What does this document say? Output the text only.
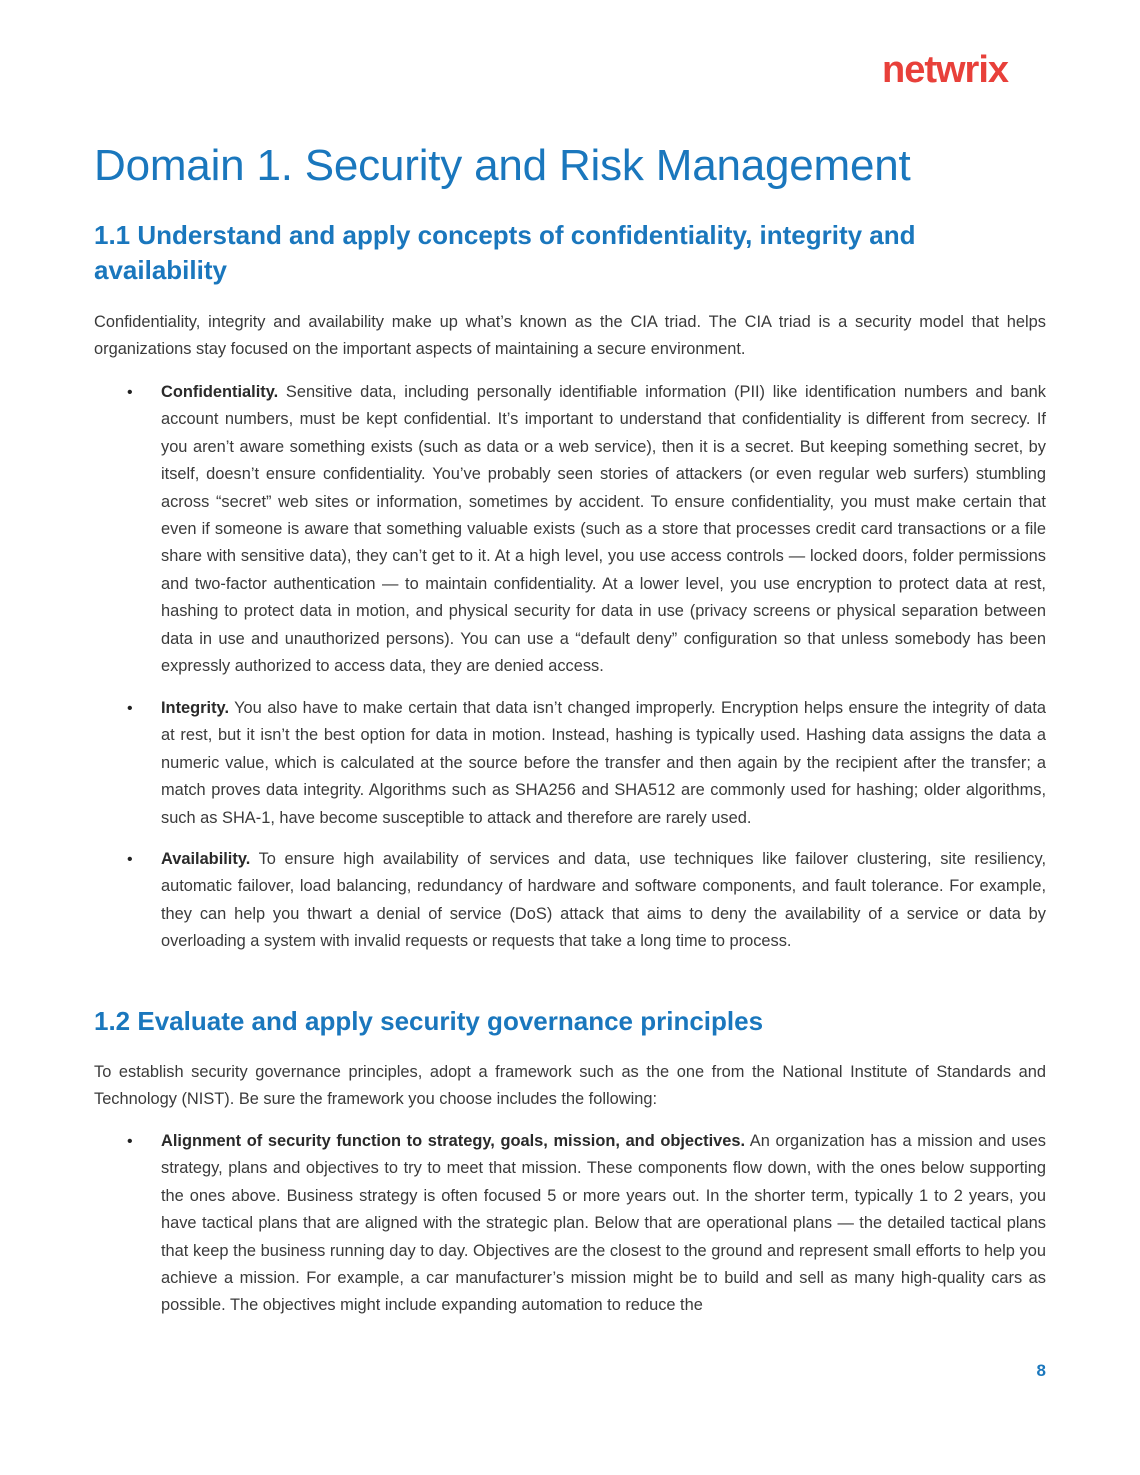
netwrix
Domain 1. Security and Risk Management
1.1 Understand and apply concepts of confidentiality, integrity and availability

Confidentiality, integrity and availability make up what’s known as the CIA triad. The CIA triad is a security model that helps organizations stay focused on the important aspects of maintaining a secure environment.

• Confidentiality. Sensitive data, including personally identifiable information (PII) like identification numbers and bank account numbers, must be kept confidential. It’s important to understand that confidentiality is different from secrecy. If you aren’t aware something exists (such as data or a web service), then it is a secret. But keeping something secret, by itself, doesn’t ensure confidentiality. You’ve probably seen stories of attackers (or even regular web surfers) stumbling across “secret” web sites or information, sometimes by accident. To ensure confidentiality, you must make certain that even if someone is aware that something valuable exists (such as a store that processes credit card transactions or a file share with sensitive data), they can’t get to it. At a high level, you use access controls — locked doors, folder permissions and two-factor authentication — to maintain confidentiality. At a lower level, you use encryption to protect data at rest, hashing to protect data in motion, and physical security for data in use (privacy screens or physical separation between data in use and unauthorized persons). You can use a “default deny” configuration so that unless somebody has been expressly authorized to access data, they are denied access.
• Integrity. You also have to make certain that data isn’t changed improperly. Encryption helps ensure the integrity of data at rest, but it isn’t the best option for data in motion. Instead, hashing is typically used. Hashing data assigns the data a numeric value, which is calculated at the source before the transfer and then again by the recipient after the transfer; a match proves data integrity. Algorithms such as SHA256 and SHA512 are commonly used for hashing; older algorithms, such as SHA-1, have become susceptible to attack and therefore are rarely used.
• Availability. To ensure high availability of services and data, use techniques like failover clustering, site resiliency, automatic failover, load balancing, redundancy of hardware and software components, and fault tolerance. For example, they can help you thwart a denial of service (DoS) attack that aims to deny the availability of a service or data by overloading a system with invalid requests or requests that take a long time to process.
1.2 Evaluate and apply security governance principles

To establish security governance principles, adopt a framework such as the one from the National Institute of Standards and Technology (NIST). Be sure the framework you choose includes the following:

• Alignment of security function to strategy, goals, mission, and objectives. An organization has a mission and uses strategy, plans and objectives to try to meet that mission. These components flow down, with the ones below supporting the ones above. Business strategy is often focused 5 or more years out. In the shorter term, typically 1 to 2 years, you have tactical plans that are aligned with the strategic plan. Below that are operational plans — the detailed tactical plans that keep the business running day to day. Objectives are the closest to the ground and represent small efforts to help you achieve a mission. For example, a car manufacturer’s mission might be to build and sell as many high-quality cars as possible. The objectives might include expanding automation to reduce the
8
